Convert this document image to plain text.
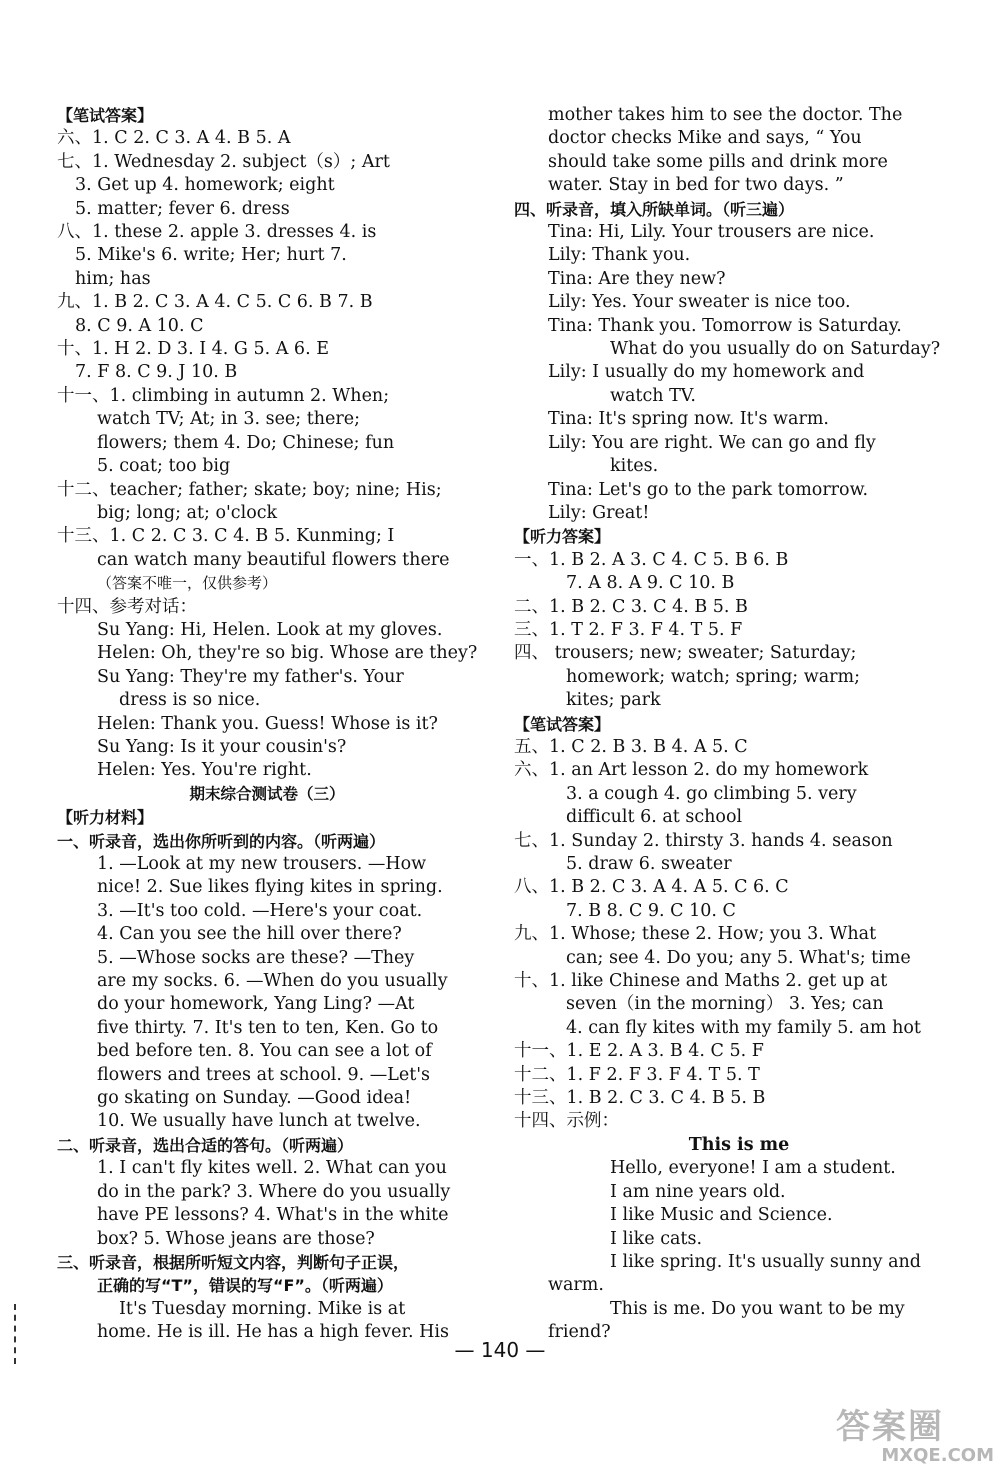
【笔试答案】
六、1. C 2. C 3. A 4. B 5. A
七、1. Wednesday 2. subject（s）; Art
3. Get up 4. homework; eight
5. matter; fever 6. dress
八、1. these 2. apple 3. dresses 4. is
5. Mike's 6. write; Her; hurt 7.
him; has
九、1. B 2. C 3. A 4. C 5. C 6. B 7. B
8. C 9. A 10. C
十、1. H 2. D 3. I 4. G 5. A 6. E
7. F 8. C 9. J 10. B
十一、1. climbing in autumn 2. When;
watch TV; At; in 3. see; there;
flowers; them 4. Do; Chinese; fun
5. coat; too big
十二、teacher; father; skate; boy; nine; His;
big; long; at; o'clock
十三、1. C 2. C 3. C 4. B 5. Kunming; I
can watch many beautiful flowers there
（答案不唯一，仅供参考）
十四、参考对话：
Su Yang: Hi, Helen. Look at my gloves.
Helen: Oh, they're so big. Whose are they?
Su Yang: They're my father's. Your
dress is so nice.
Helen: Thank you. Guess! Whose is it?
Su Yang: Is it your cousin's?
Helen: Yes. You're right.
期末综合测试卷（三）
【听力材料】
一、听录音，选出你所听到的内容。（听两遍）
1. —Look at my new trousers. —How
nice! 2. Sue likes flying kites in spring.
3. —It's too cold. —Here's your coat.
4. Can you see the hill over there?
5. —Whose socks are these? —They
are my socks. 6. —When do you usually
do your homework, Yang Ling? —At
five thirty. 7. It's ten to ten, Ken. Go to
bed before ten. 8. You can see a lot of
flowers and trees at school. 9. —Let's
go skating on Sunday. —Good idea!
10. We usually have lunch at twelve.
二、听录音，选出合适的答句。（听两遍）
1. I can't fly kites well. 2. What can you
do in the park? 3. Where do you usually
have PE lessons? 4. What's in the white
box? 5. Whose jeans are those?
三、听录音，根据所听短文内容，判断句子正误，
正确的写“T”，错误的写“F”。（听两遍）
It's Tuesday morning. Mike is at
home. He is ill. He has a high fever. His
mother takes him to see the doctor. The
doctor checks Mike and says, “ You
should take some pills and drink more
water. Stay in bed for two days. ”
四、听录音，填入所缺单词。（听三遍）
Tina: Hi, Lily. Your trousers are nice.
Lily: Thank you.
Tina: Are they new?
Lily: Yes. Your sweater is nice too.
Tina: Thank you. Tomorrow is Saturday.
What do you usually do on Saturday?
Lily: I usually do my homework and
watch TV.
Tina: It's spring now. It's warm.
Lily: You are right. We can go and fly
kites.
Tina: Let's go to the park tomorrow.
Lily: Great!
【听力答案】
一、1. B 2. A 3. C 4. C 5. B 6. B
7. A 8. A 9. C 10. B
二、1. B 2. C 3. C 4. B 5. B
三、1. T 2. F 3. F 4. T 5. F
四、 trousers; new; sweater; Saturday;
homework; watch; spring; warm;
kites; park
【笔试答案】
五、1. C 2. B 3. B 4. A 5. C
六、1. an Art lesson 2. do my homework
3. a cough 4. go climbing 5. very
difficult 6. at school
七、1. Sunday 2. thirsty 3. hands 4. season
5. draw 6. sweater
八、1. B 2. C 3. A 4. A 5. C 6. C
7. B 8. C 9. C 10. C
九、1. Whose; these 2. How; you 3. What
can; see 4. Do you; any 5. What's; time
十、1. like Chinese and Maths 2. get up at
seven（in the morning） 3. Yes; can
4. can fly kites with my family 5. am hot
十一、1. E 2. A 3. B 4. C 5. F
十二、1. F 2. F 3. F 4. T 5. T
十三、1. B 2. C 3. C 4. B 5. B
十四、示例：
This is me
Hello, everyone! I am a student.
I am nine years old.
I like Music and Science.
I like cats.
I like spring. It's usually sunny and
warm.
This is me. Do you want to be my
friend?
— 140 —
答案圈
MXQE.COM
